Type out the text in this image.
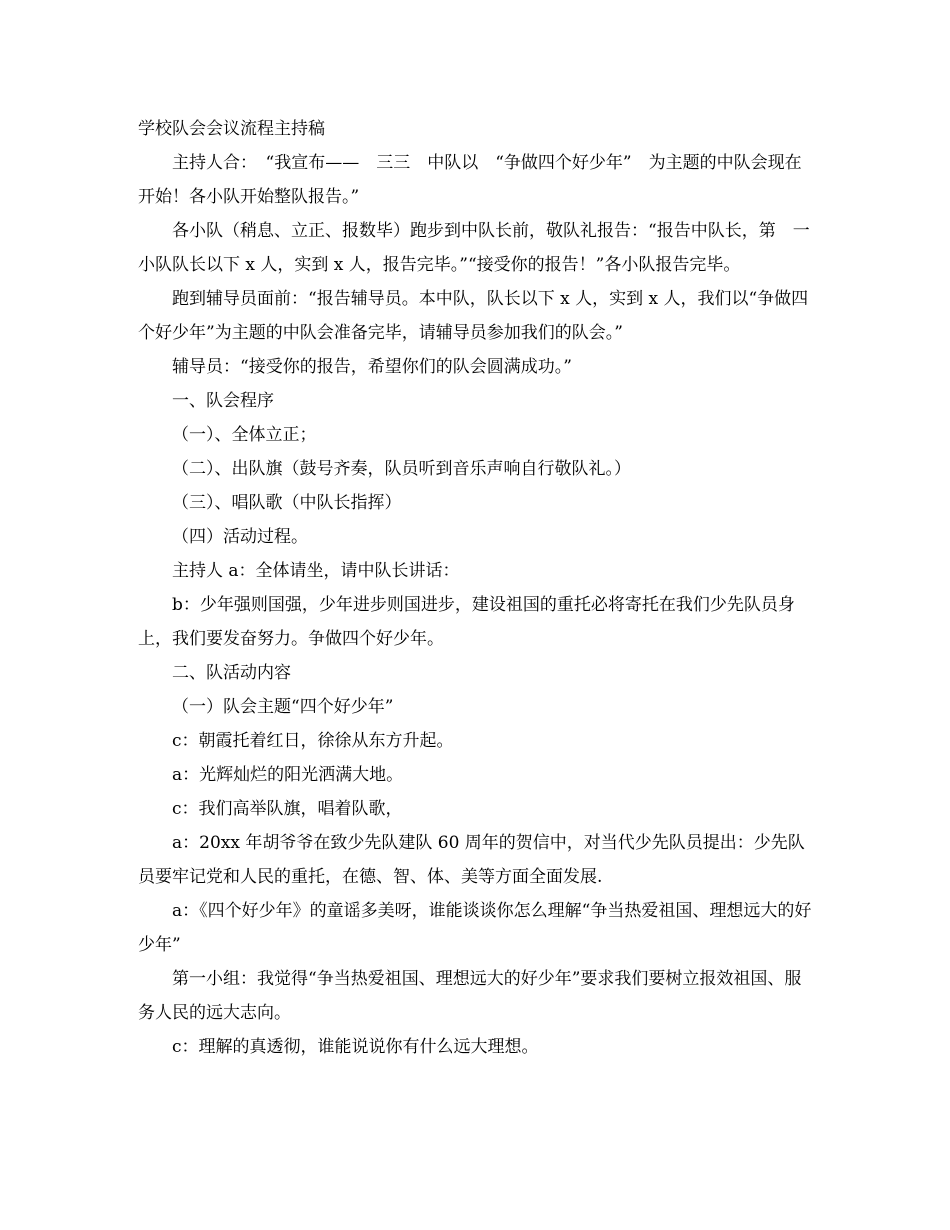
学校队会会议流程主持稿

主持人合：　“我宣布——　三三　中队以　“争做四个好少年”　为主题的中队会现在开始！各小队开始整队报告。”

各小队（稍息、立正、报数毕）跑步到中队长前，敬队礼报告：“报告中队长，第　一　小队队长以下 x 人，实到 x 人，报告完毕。”“接受你的报告！”各小队报告完毕。

跑到辅导员面前：“报告辅导员。本中队，队长以下 x 人，实到 x 人，我们以“争做四个好少年”为主题的中队会准备完毕，请辅导员参加我们的队会。”

辅导员：“接受你的报告，希望你们的队会圆满成功。”

一、队会程序

（一）、全体立正；

（二）、出队旗（鼓号齐奏，队员听到音乐声响自行敬队礼。）

（三）、唱队歌（中队长指挥）

（四）活动过程。

主持人 a：全体请坐，请中队长讲话：

b：少年强则国强，少年进步则国进步，建设祖国的重托必将寄托在我们少先队员身上，我们要发奋努力。争做四个好少年。

二、队活动内容

（一）队会主题“四个好少年”

c：朝霞托着红日，徐徐从东方升起。

a：光辉灿烂的阳光洒满大地。

c：我们高举队旗，唱着队歌，

a：20xx 年胡爷爷在致少先队建队 60 周年的贺信中，对当代少先队员提出：少先队员要牢记党和人民的重托，在德、智、体、美等方面全面发展.

a：《四个好少年》的童谣多美呀，谁能谈谈你怎么理解“争当热爱祖国、理想远大的好少年”

第一小组：我觉得“争当热爱祖国、理想远大的好少年”要求我们要树立报效祖国、服务人民的远大志向。

c：理解的真透彻，谁能说说你有什么远大理想。
